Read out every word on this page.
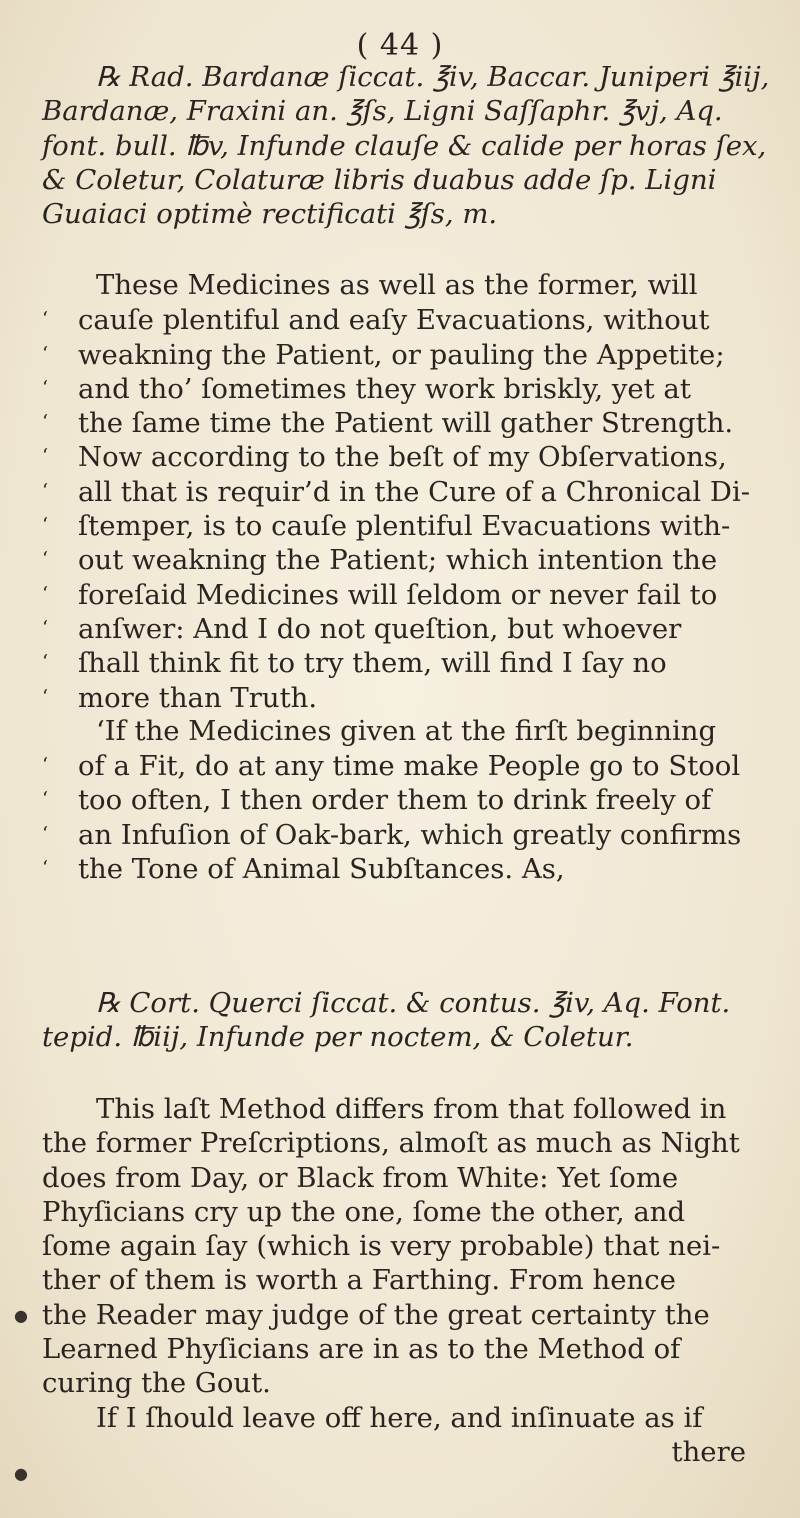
( 44 )
℞ Rad. Bardanæ ſiccat. ℥iv, Baccar. Juniperi ℥iij,
Bardanæ, Fraxini an. ℥ſs, Ligni Saſſaphr. ℥vj, Aq.
font. bull. ℔v, Infunde clauſe & calide per horas ſex,
& Coletur, Colaturæ libris duabus adde ſp. Ligni
Guaiaci optimè rectificati ℥ſs, m.
These Medicines as well as the former, will
‘ cauſe plentiful and eaſy Evacuations, without
‘ weakning the Patient, or pauling the Appetite;
‘ and tho’ ſometimes they work briskly, yet at
‘ the ſame time the Patient will gather Strength.
‘ Now according to the beſt of my Obſervations,
‘ all that is requir’d in the Cure of a Chronical Di-
‘ ſtemper, is to cauſe plentiful Evacuations with-
‘ out weakning the Patient; which intention the
‘ foreſaid Medicines will ſeldom or never fail to
‘ anſwer: And I do not queſtion, but whoever
‘ ſhall think fit to try them, will find I ſay no
‘ more than Truth.
‘If the Medicines given at the firſt beginning
‘ of a Fit, do at any time make People go to Stool
‘ too often, I then order them to drink freely of
‘ an Infuſion of Oak-bark, which greatly confirms
‘ the Tone of Animal Subſtances. As,
℞ Cort. Querci ſiccat. & contus. ℥iv, Aq. Font.
tepid. ℔iij, Infunde per noctem, & Coletur.
This laſt Method differs from that followed in
the former Preſcriptions, almoſt as much as Night
does from Day, or Black from White: Yet ſome
Phyſicians cry up the one, ſome the other, and
ſome again ſay (which is very probable) that nei-
ther of them is worth a Farthing. From hence
the Reader may judge of the great certainty the
Learned Phyſicians are in as to the Method of
curing the Gout.
If I ſhould leave off here, and inſinuate as if
there
●
●
